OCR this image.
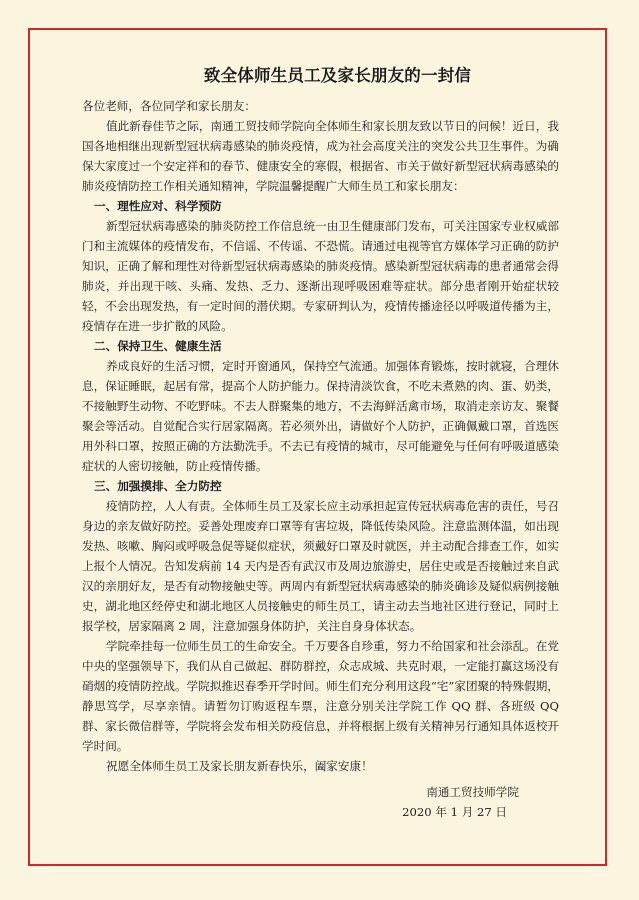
致全体师生员工及家长朋友的一封信

各位老师，各位同学和家长朋友：

值此新春佳节之际，南通工贸技师学院向全体师生和家长朋友致以节日的问候！近日，我国各地相继出现新型冠状病毒感染的肺炎疫情，成为社会高度关注的突发公共卫生事件。为确保大家度过一个安定祥和的春节、健康安全的寒假，根据省、市关于做好新型冠状病毒感染的肺炎疫情防控工作相关通知精神，学院温馨提醒广大师生员工和家长朋友：

一、理性应对、科学预防

新型冠状病毒感染的肺炎防控工作信息统一由卫生健康部门发布，可关注国家专业权威部门和主流媒体的疫情发布，不信谣、不传谣、不恐慌。请通过电视等官方媒体学习正确的防护知识，正确了解和理性对待新型冠状病毒感染的肺炎疫情。感染新型冠状病毒的患者通常会得肺炎，并出现干咳、头痛、发热、乏力、逐渐出现呼吸困难等症状。部分患者刚开始症状较轻，不会出现发热，有一定时间的潜伏期。专家研判认为，疫情传播途径以呼吸道传播为主，疫情存在进一步扩散的风险。

二、保持卫生、健康生活

养成良好的生活习惯，定时开窗通风，保持空气流通。加强体育锻炼，按时就寝，合理休息，保证睡眠，起居有常，提高个人防护能力。保持清淡饮食，不吃未煮熟的肉、蛋、奶类，不接触野生动物、不吃野味。不去人群聚集的地方，不去海鲜活禽市场，取消走亲访友、聚餐聚会等活动。自觉配合实行居家隔离。若必须外出，请做好个人防护，正确佩戴口罩，首选医用外科口罩，按照正确的方法勤洗手。不去已有疫情的城市，尽可能避免与任何有呼吸道感染症状的人密切接触，防止疫情传播。

三、加强摸排、全力防控

疫情防控，人人有责。全体师生员工及家长应主动承担起宣传冠状病毒危害的责任，号召身边的亲友做好防控。妥善处理废弃口罩等有害垃圾，降低传染风险。注意监测体温，如出现发热、咳嗽、胸闷或呼吸急促等疑似症状，须戴好口罩及时就医，并主动配合排查工作，如实上报个人情况。告知发病前 14 天内是否有武汉市及周边旅游史，居住史或是否接触过来自武汉的亲朋好友，是否有动物接触史等。两周内有新型冠状病毒感染的肺炎确诊及疑似病例接触史，湖北地区经停史和湖北地区人员接触史的师生员工，请主动去当地社区进行登记，同时上报学校，居家隔离 2 周，注意加强身体防护，关注自身身体状态。

学院牵挂每一位师生员工的生命安全。千万要各自珍重，努力不给国家和社会添乱。在党中央的坚强领导下，我们从自己做起、群防群控，众志成城、共克时艰，一定能打赢这场没有硝烟的疫情防控战。学院拟推迟春季开学时间。师生们充分利用这段“宅”家团聚的特殊假期，静思笃学，尽享亲情。请暂勿订购返程车票，注意分别关注学院工作 QQ 群、各班级 QQ 群、家长微信群等，学院将会发布相关防疫信息，并将根据上级有关精神另行通知具体返校开学时间。

祝愿全体师生员工及家长朋友新春快乐，阖家安康！

南通工贸技师学院

2020 年 1 月 27 日
